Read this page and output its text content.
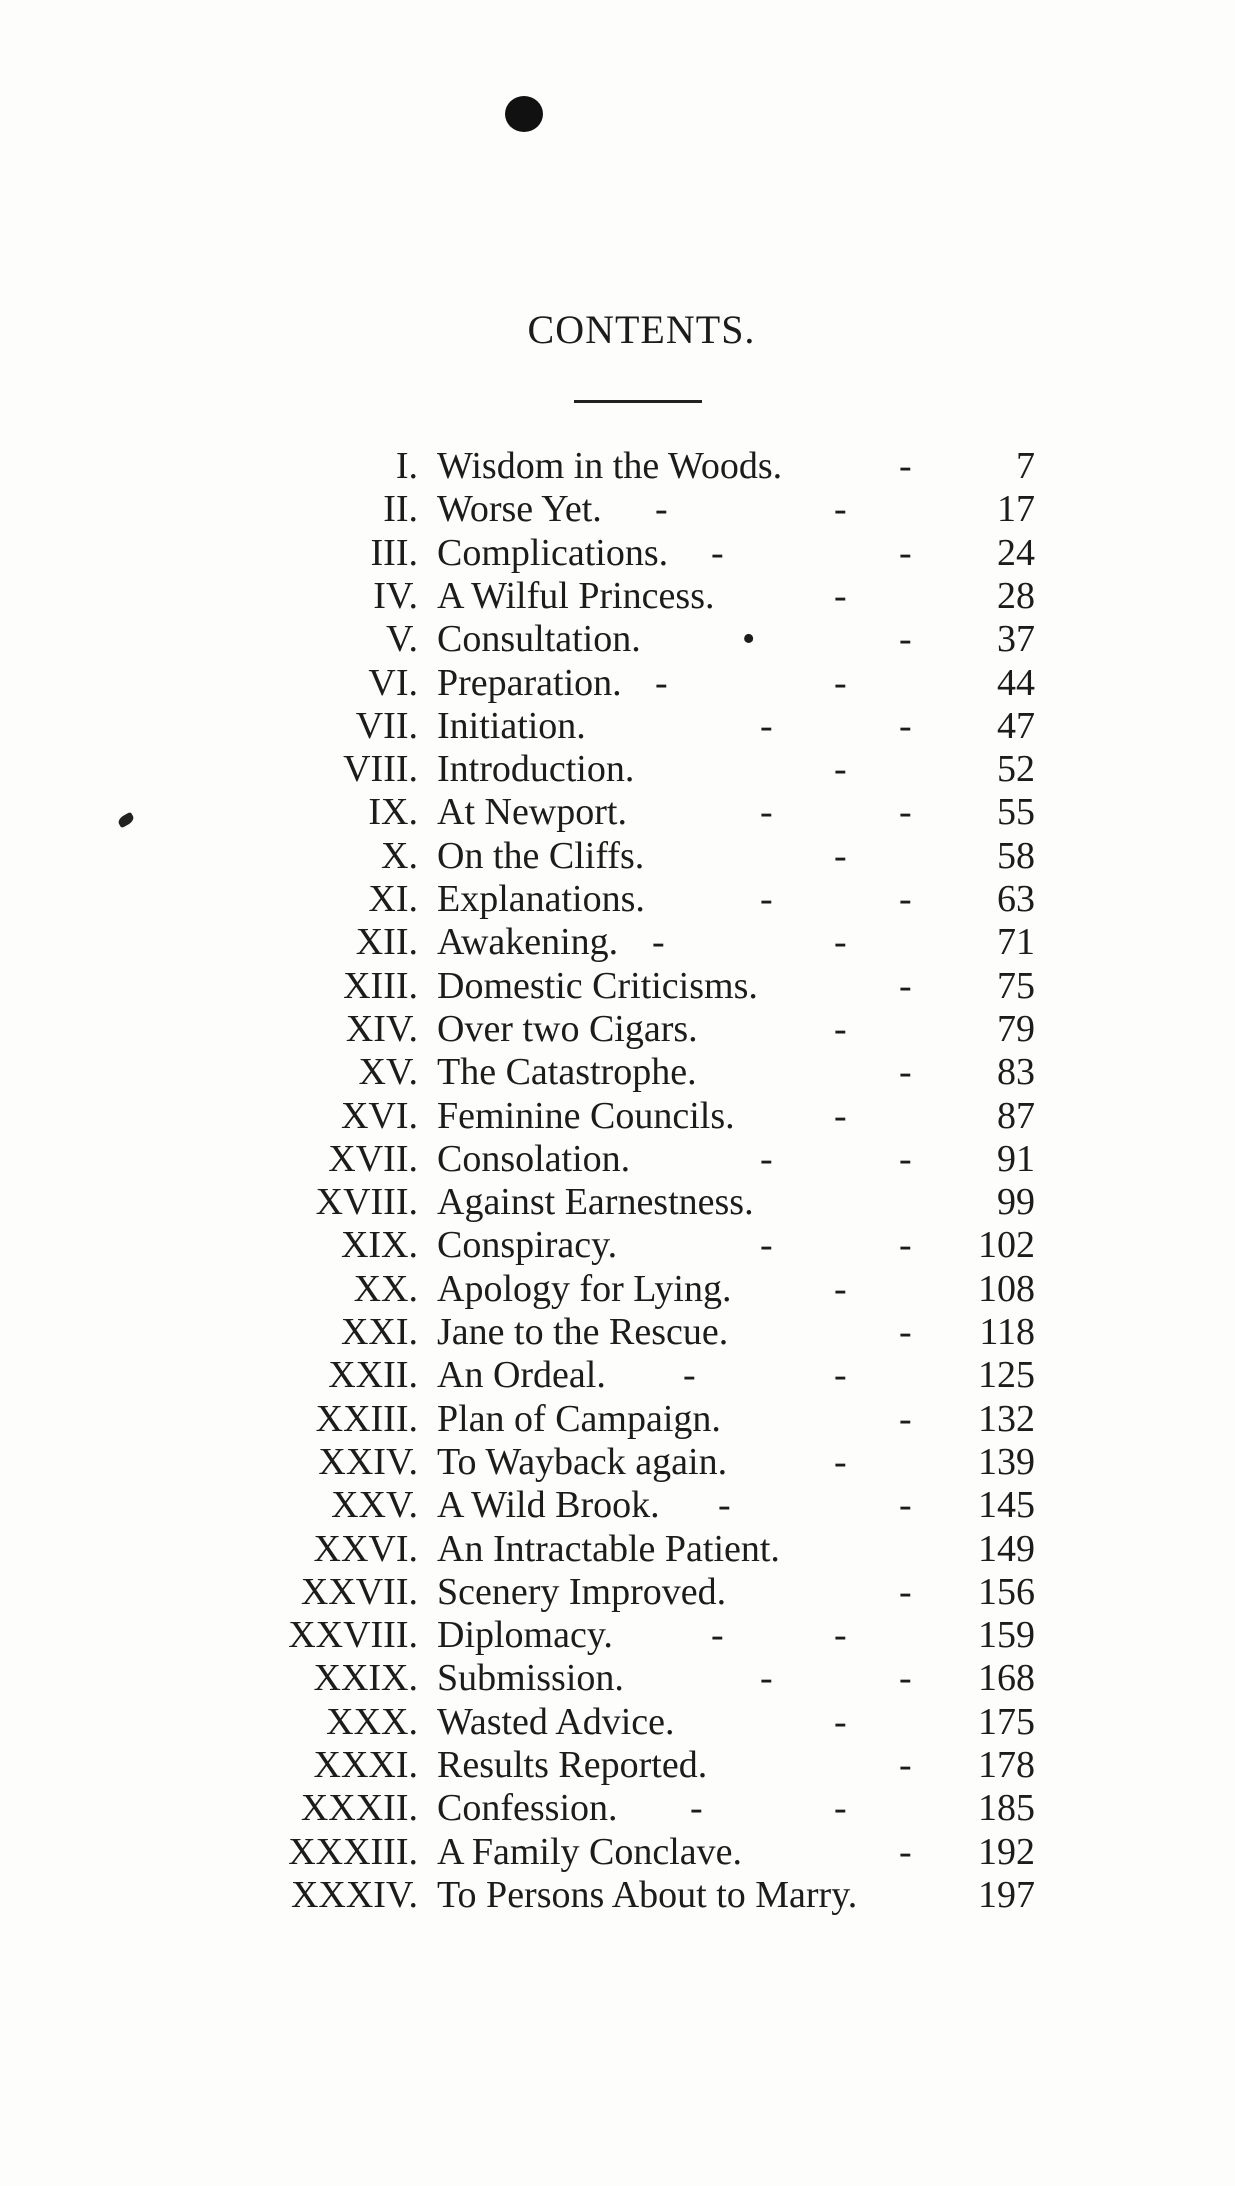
CONTENTS.
I. Wisdom in the Woods.	-	7
II. Worse Yet. -	-	17
III. Complications. -	- 24
IV. A Wilful Princess.	-	28
V. Consultation.	•	- 37
VI. Preparation. -	-	44
VII. Initiation.	-	- 47
VIII. Introduction.	-	52
IX. At Newport.	-	- 55
X. On the Cliffs.	-	58
XI. Explanations.	-	- 63
XII. Awakening. -	-	71
XIII. Domestic Criticisms.	- 75
XIV. Over two Cigars.	-	79
XV. The Catastrophe.	- 83
XVI. Feminine Councils.	-	87
XVII. Consolation.	-	- 91
XVIII. Against Earnestness.	99
XIX. Conspiracy.	-	- 102
XX. Apology for Lying.	-	108
XXI. Jane to the Rescue.	- 118
XXII. An Ordeal. -	-	125
XXIII. Plan of Campaign.	- 132
XXIV. To Wayback again.	-	139
XXV. A Wild Brook. -	- 145
XXVI. An Intractable Patient.	149
XXVII. Scenery Improved.	- 156
XXVIII. Diplomacy.	-	-	159
XXIX. Submission.	-	- 168
XXX. Wasted Advice.	-	175
XXXI. Results Reported.	- 178
XXXII. Confession. -	-	185
XXXIII. A Family Conclave.	- 192
XXXIV. To Persons About to Marry.	197
